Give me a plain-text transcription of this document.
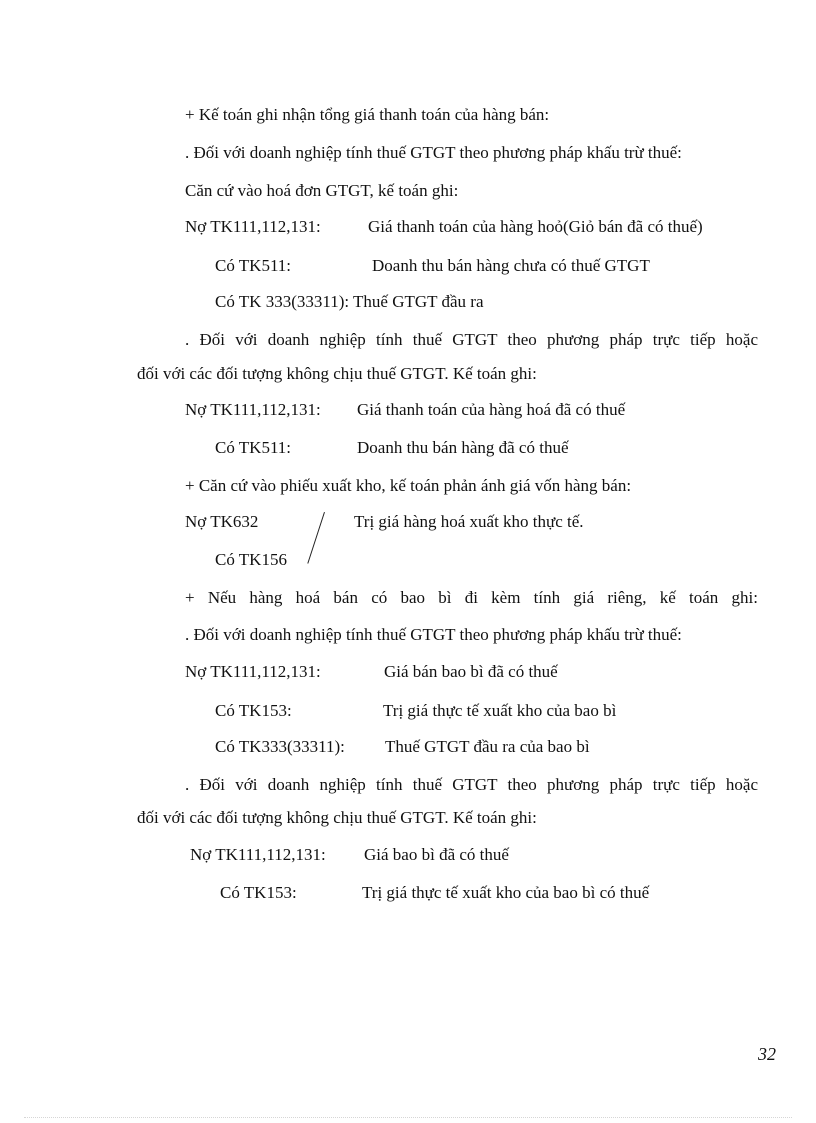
+ Kế toán ghi nhận tổng giá thanh toán của hàng bán:
. Đối với doanh nghiệp tính thuế GTGT theo phương pháp khấu trừ thuế:
Căn cứ vào hoá đơn GTGT, kế toán ghi:
Nợ TK111,112,131:	Giá thanh toán của hàng hoỏ(Giỏ bán đã có thuế)
Có TK511:	Doanh thu bán hàng chưa có thuế GTGT
Có TK 333(33311): Thuế GTGT đầu ra
. Đối với doanh nghiệp tính thuế GTGT theo phương pháp trực tiếp hoặc
đối với các đối tượng không chịu thuế GTGT. Kế toán ghi:
Nợ TK111,112,131: Giá thanh toán của hàng hoá đã có thuế
Có TK511:	Doanh thu bán hàng đã có thuế
+ Căn cứ vào phiếu xuất kho, kế toán phản ánh giá vốn hàng bán:
Nợ TK632	Trị giá hàng hoá xuất kho thực tế.
Có TK156
+ Nếu hàng hoá bán có bao bì đi kèm tính giá riêng, kế toán ghi:
. Đối với doanh nghiệp tính thuế GTGT theo phương pháp khấu trừ thuế:
Nợ TK111,112,131:	Giá bán bao bì đã có thuế
Có TK153:	Trị giá thực tế xuất kho của bao bì
Có TK333(33311): Thuế GTGT đầu ra của bao bì
. Đối với doanh nghiệp tính thuế GTGT theo phương pháp trực tiếp hoặc
đối với các đối tượng không chịu thuế GTGT. Kế toán ghi:
Nợ TK111,112,131: Giá bao bì đã có thuế
Có TK153:	Trị giá thực tế xuất kho của bao bì có thuế
32
